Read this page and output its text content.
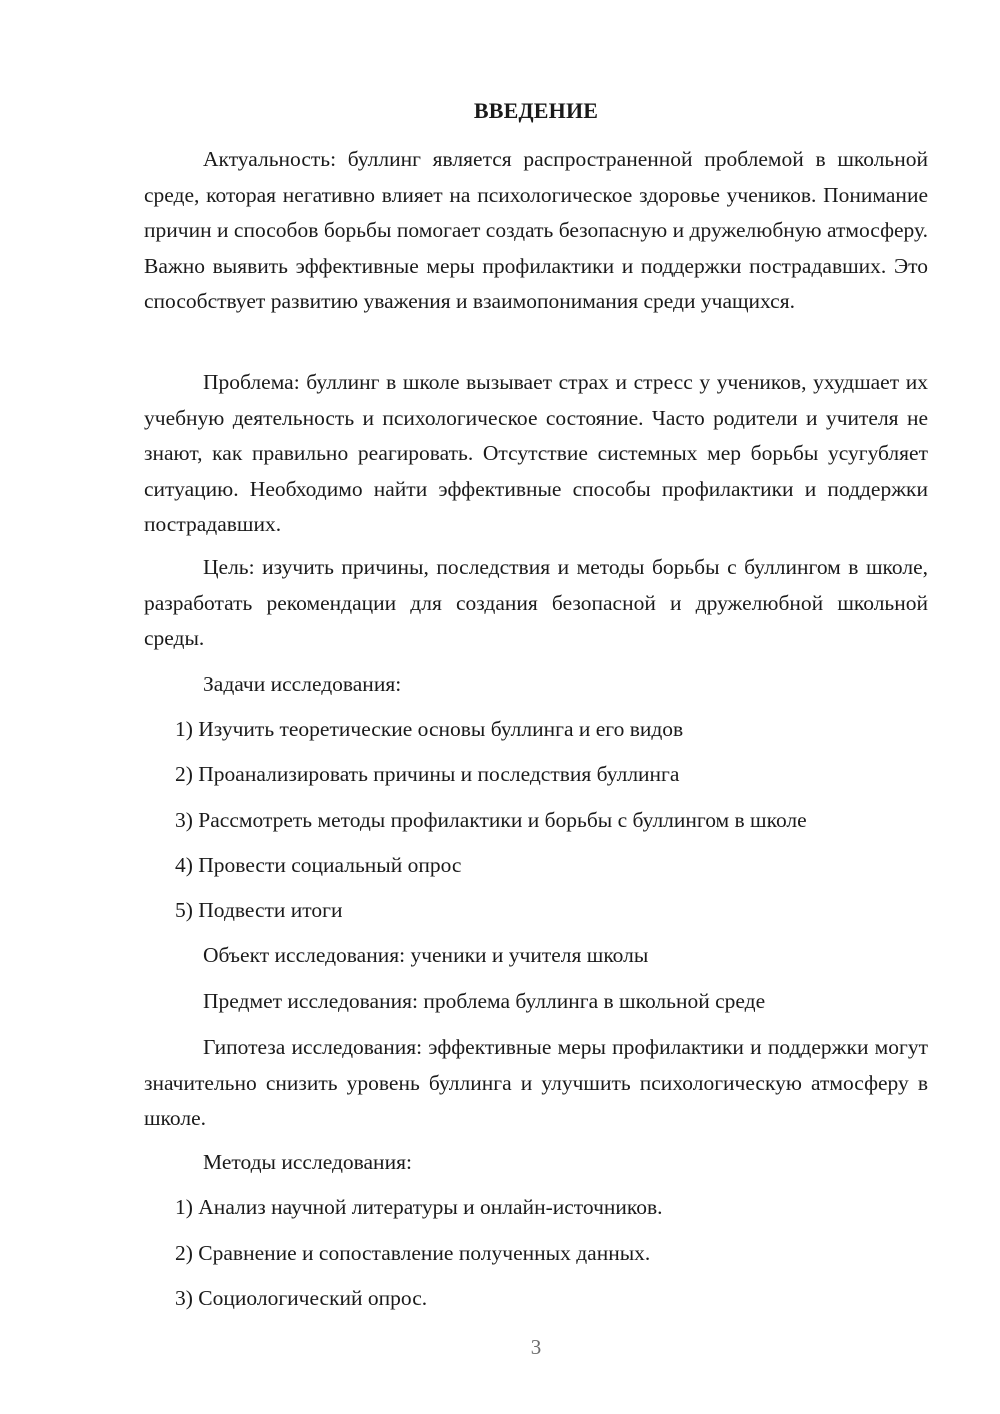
ВВЕДЕНИЕ

Актуальность: буллинг является распространенной проблемой в школьной среде, которая негативно влияет на психологическое здоровье учеников. Понимание причин и способов борьбы помогает создать безопасную и дружелюбную атмосферу. Важно выявить эффективные меры профилактики и поддержки пострадавших. Это способствует развитию уважения и взаимопонимания среди учащихся.

Проблема: буллинг в школе вызывает страх и стресс у учеников, ухудшает их учебную деятельность и психологическое состояние. Часто родители и учителя не знают, как правильно реагировать. Отсутствие системных мер борьбы усугубляет ситуацию. Необходимо найти эффективные способы профилактики и поддержки пострадавших.

Цель: изучить причины, последствия и методы борьбы с буллингом в школе, разработать рекомендации для создания безопасной и дружелюбной школьной среды.

Задачи исследования:

1) Изучить теоретические основы буллинга и его видов

2) Проанализировать причины и последствия буллинга

3) Рассмотреть методы профилактики и борьбы с буллингом в школе

4) Провести социальный опрос

5) Подвести итоги

Объект исследования: ученики и учителя школы

Предмет исследования: проблема буллинга в школьной среде

Гипотеза исследования: эффективные меры профилактики и поддержки могут значительно снизить уровень буллинга и улучшить психологическую атмосферу в школе.

Методы исследования:

1) Анализ научной литературы и онлайн-источников.

2) Сравнение и сопоставление полученных данных.

3) Социологический опрос.

3
